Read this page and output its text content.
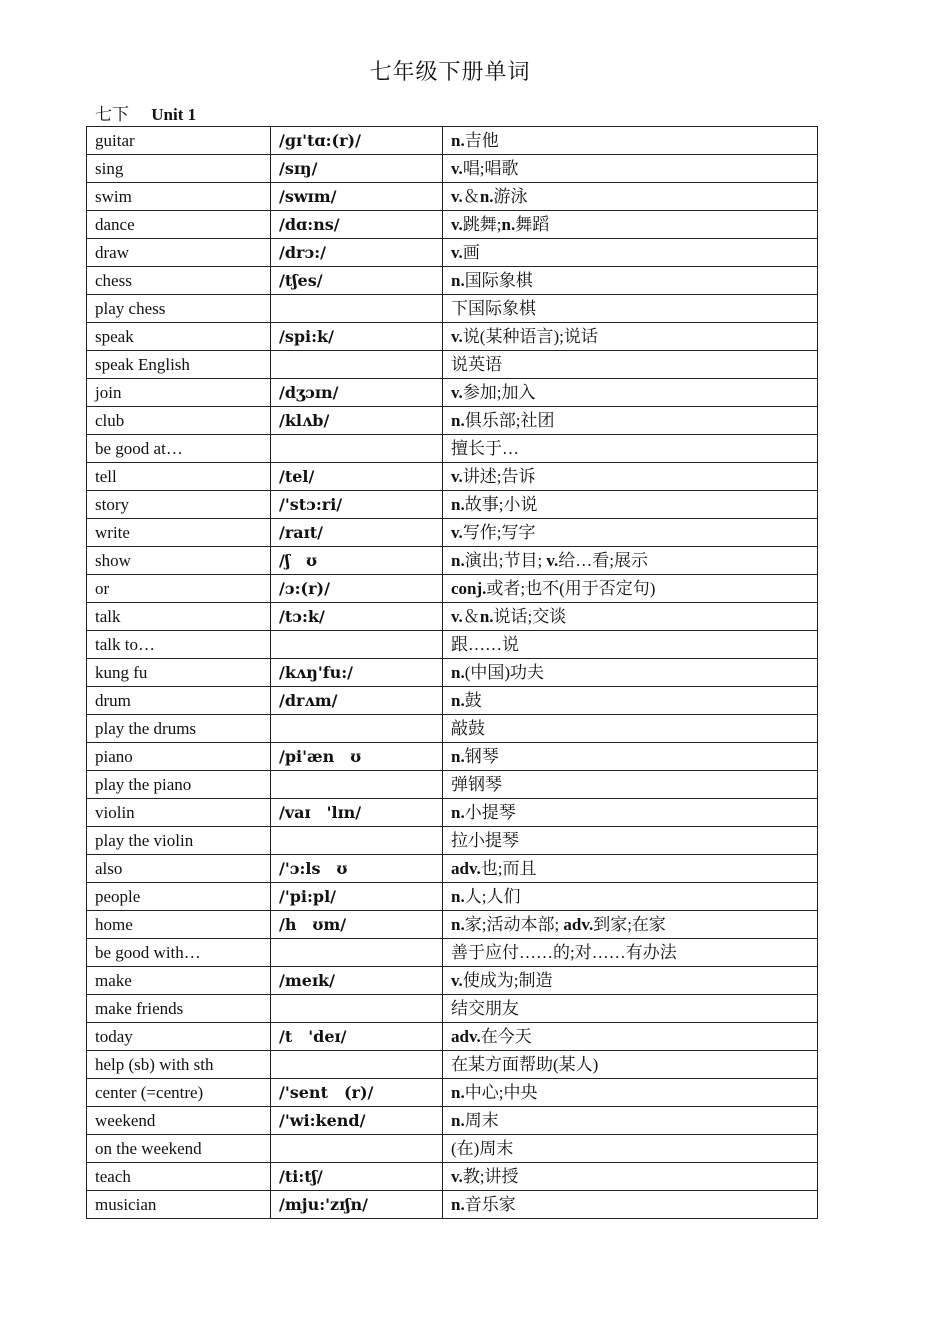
七年级下册单词
七下 Unit 1
guitar	/ɡɪ'tɑ:(r)/	n.吉他
sing	/sɪŋ/	v.唱;唱歌
swim	/swɪm/	v.＆n.游泳
dance	/dɑ:ns/	v.跳舞;n.舞蹈
draw	/drɔ:/	v.画
chess	/tʃes/	n.国际象棋
play chess		下国际象棋
speak	/spi:k/	v.说(某种语言);说话
speak English		说英语
join	/dʒɔɪn/	v.参加;加入
club	/klʌb/	n.俱乐部;社团
be good at…		擅长于…
tell	/tel/	v.讲述;告诉
story	/'stɔ:ri/	n.故事;小说
write	/raɪt/	v.写作;写字
show	/ʃ　ʊ	n.演出;节目; v.给…看;展示
or	/ɔ:(r)/	conj.或者;也不(用于否定句)
talk	/tɔ:k/	v.＆n.说话;交谈
talk to…		跟……说
kung fu	/kʌŋ'fu:/	n.(中国)功夫
drum	/drʌm/	n.鼓
play the drums		敲鼓
piano	/pi'æn　ʊ	n.钢琴
play the piano		弹钢琴
violin	/vaɪ　'lɪn/	n.小提琴
play the violin		拉小提琴
also	/'ɔ:ls　ʊ	adv.也;而且
people	/'pi:pl/	n.人;人们
home	/h　ʊm/	n.家;活动本部; adv.到家;在家
be good with…		善于应付……的;对……有办法
make	/meɪk/	v.使成为;制造
make friends		结交朋友
today	/t　'deɪ/	adv.在今天
help (sb) with sth		在某方面帮助(某人)
center (=centre)	/'sent　(r)/	n.中心;中央
weekend	/'wi:kend/	n.周末
on the weekend		(在)周末
teach	/ti:tʃ/	v.教;讲授
musician	/mju:'zɪʃn/	n.音乐家
